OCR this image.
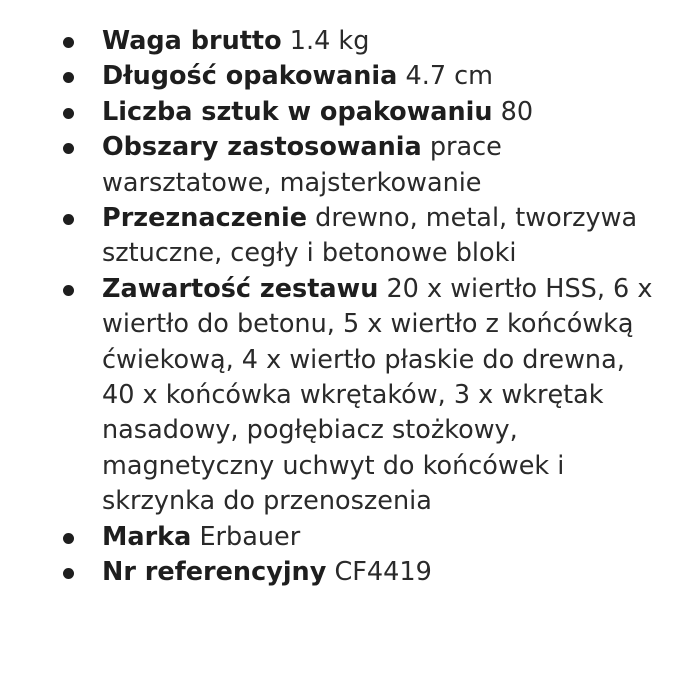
Waga brutto 1.4 kg
Długość opakowania 4.7 cm
Liczba sztuk w opakowaniu 80
Obszary zastosowania prace warsztatowe, majsterkowanie
Przeznaczenie drewno, metal, tworzywa sztuczne, cegły i betonowe bloki
Zawartość zestawu 20 x wiertło HSS, 6 x wiertło do betonu, 5 x wiertło z końcówką ćwiekową, 4 x wiertło płaskie do drewna, 40 x końcówka wkrętaków, 3 x wkrętak nasadowy, pogłębiacz stożkowy, magnetyczny uchwyt do końcówek i skrzynka do przenoszenia
Marka Erbauer
Nr referencyjny CF4419
